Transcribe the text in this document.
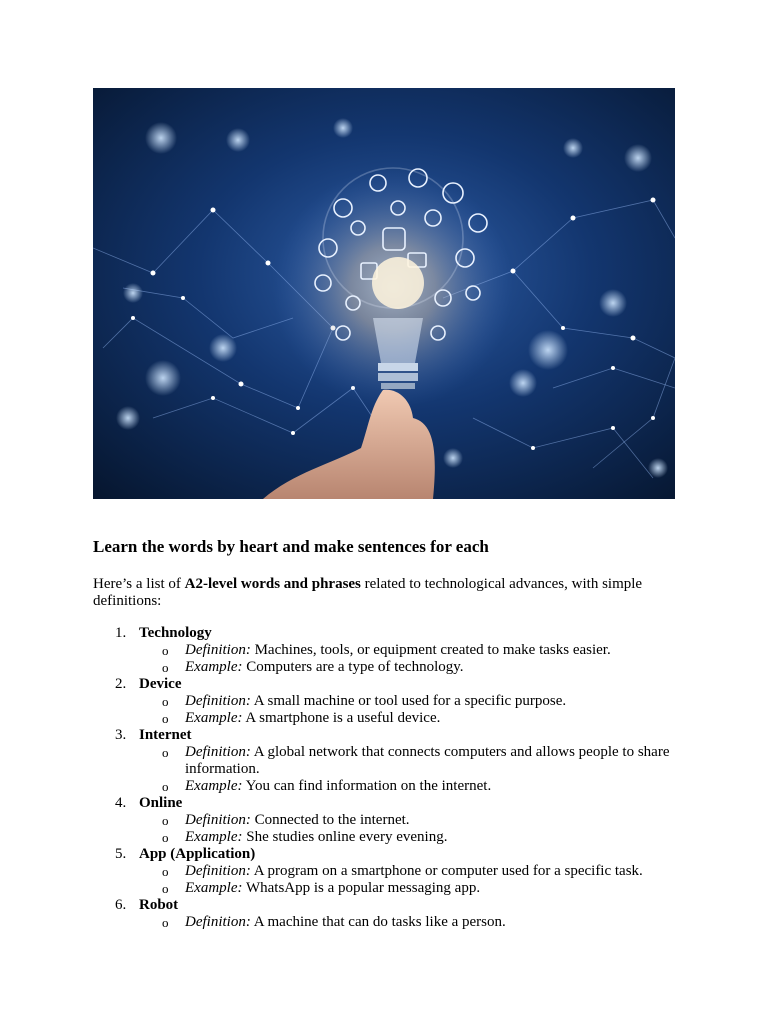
Learn the words by heart and make sentences for each

Here’s a list of A2-level words and phrases related to technological advances, with simple definitions:

1. Technology
o Definition: Machines, tools, or equipment created to make tasks easier.
o Example: Computers are a type of technology.
2. Device
o Definition: A small machine or tool used for a specific purpose.
o Example: A smartphone is a useful device.
3. Internet
o Definition: A global network that connects computers and allows people to share information.
o Example: You can find information on the internet.
4. Online
o Definition: Connected to the internet.
o Example: She studies online every evening.
5. App (Application)
o Definition: A program on a smartphone or computer used for a specific task.
o Example: WhatsApp is a popular messaging app.
6. Robot
o Definition: A machine that can do tasks like a person.
